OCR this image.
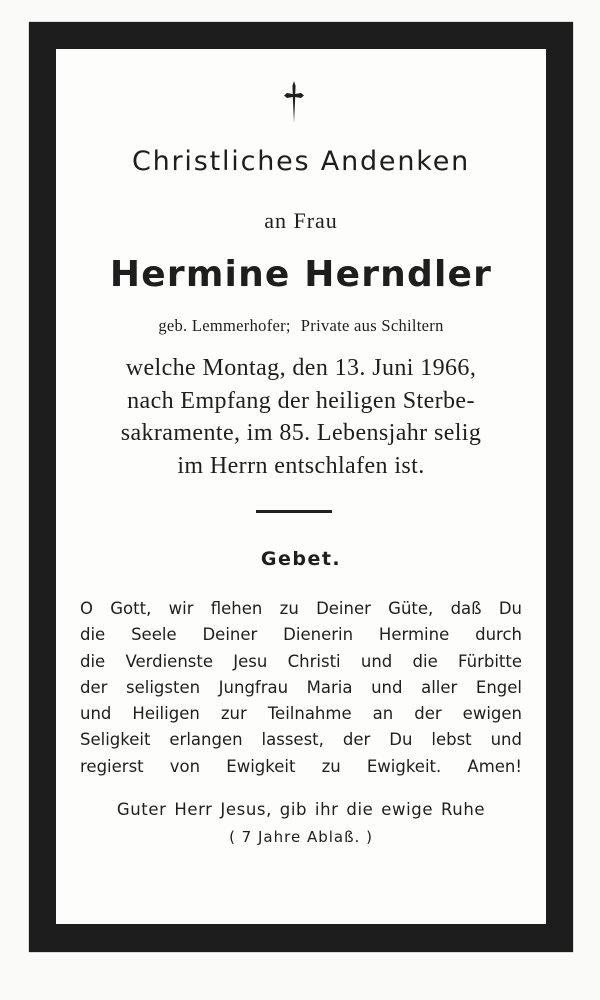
Christliches Andenken
an Frau
Hermine Herndler
geb. Lemmerhofer; Private aus Schiltern
welche Montag, den 13. Juni 1966,
nach Empfang der heiligen Sterbe-
sakramente, im 85. Lebensjahr selig
im Herrn entschlafen ist.
Gebet.
O Gott, wir flehen zu Deiner Güte, daß Du
die Seele Deiner Dienerin Hermine durch
die Verdienste Jesu Christi und die Fürbitte
der seligsten Jungfrau Maria und aller Engel
und Heiligen zur Teilnahme an der ewigen
Seligkeit erlangen lassest, der Du lebst und
regierst von Ewigkeit zu Ewigkeit. Amen!
Guter Herr Jesus, gib ihr die ewige Ruhe
( 7 Jahre Ablaß. )
